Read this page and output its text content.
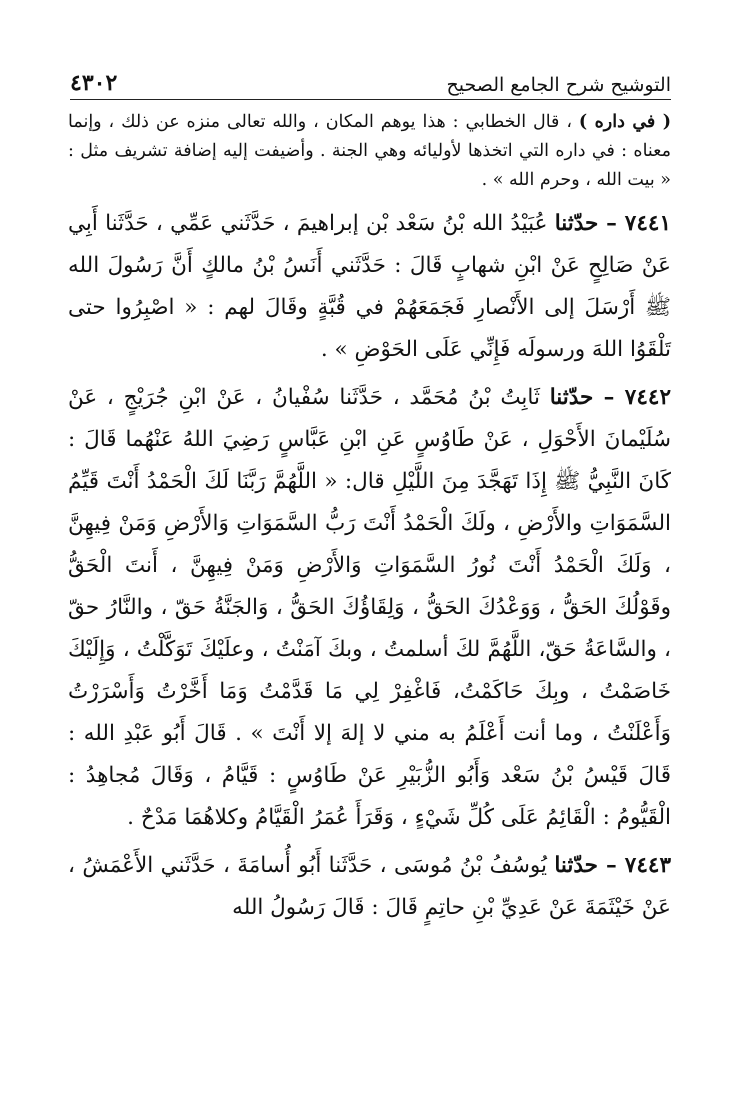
التوشيح شرح الجامع الصحيح
٤٣٠٢

( في داره ) ، قال الخطابي : هذا يوهم المكان ، والله تعالى منزه عن ذلك ، وإنما معناه : في داره التي اتخذها لأوليائه وهي الجنة . وأضيفت إليه إضافة تشريف مثل : « بيت الله ، وحرم الله » .

٧٤٤١ – حدّثنا عُبَيْدُ الله بْنُ سَعْد بْن إبراهيمَ ، حَدَّثَني عَمِّي ، حَدَّثَنا أَبِي عَنْ صَالِحٍ عَنْ ابْنِ شهابٍ قَالَ : حَدَّثَني أَنَسُ بْنُ مالكٍ أَنَّ رَسُولَ الله ﷺ أَرْسَلَ إلى الأَنْصارِ فَجَمَعَهُمْ في قُبَّةٍ وقَالَ لهم : « اصْبِرُوا حتى تَلْقَوُا اللهَ ورسولَه فَإِنِّي عَلَى الحَوْضِ » .

٧٤٤٢ – حدّثنا ثَابِتُ بْنُ مُحَمَّد ، حَدَّثَنا سُفْيانُ ، عَنْ ابْنِ جُرَيْجٍ ، عَنْ سُلَيْمانَ الأَحْوَلِ ، عَنْ طَاوُسٍ عَنِ ابْنِ عَبَّاسٍ رَضِيَ اللهُ عَنْهُما قَالَ : كَانَ النَّبِيُّ ﷺ إِذَا تَهَجَّدَ مِنَ اللَّيْلِ قال: « اللَّهُمَّ رَبَّنَا لَكَ الْحَمْدُ أَنْتَ قَيِّمُ السَّمَوَاتِ والأَرْضِ ، ولَكَ الْحَمْدُ أَنْتَ رَبُّ السَّمَوَاتِ وَالأَرْضِ وَمَنْ فِيهِنَّ ، وَلَكَ الْحَمْدُ أَنْتَ نُورُ السَّمَوَاتِ وَالأَرْضِ وَمَنْ فِيهِنَّ ، أَنتَ الْحَقُّ وقَوْلُكَ الحَقُّ ، وَوَعْدُكَ الحَقُّ ، وَلِقَاؤُكَ الحَقُّ ، وَالجَنَّةُ حَقّ ، والنَّارُ حقّ ، والسَّاعَةُ حَقّ، اللَّهُمَّ لكَ أسلمتُ ، وبكَ آمَنْتُ ، وعلَيْكَ تَوَكَّلْتُ ، وَإِلَيْكَ خَاصَمْتُ ، وبِكَ حَاكَمْتُ، فَاغْفِرْ لِي مَا قَدَّمْتُ وَمَا أَخَّرْتُ وَأَسْرَرْتُ وَأَعْلَنْتُ ، وما أنت أَعْلَمُ به مني لا إلهَ إلا أَنْتَ » . قَالَ أَبُو عَبْدِ الله : قَالَ قَيْسُ بْنُ سَعْد وَأَبُو الزُّبَيْرِ عَنْ طَاوُسٍ : قَيَّامُ ، وَقَالَ مُجاهِدُ : الْقَيُّومُ : الْقَائِمُ عَلَى كُلِّ شَيْءٍ ، وَقَرَأَ عُمَرُ الْقَيَّامُ وكلاهُمَا مَدْحٌ .

٧٤٤٣ – حدّثنا يُوسُفُ بْنُ مُوسَى ، حَدَّثَنا أَبُو أُسامَةَ ، حَدَّثَني الأَعْمَشُ ، عَنْ خَيْثَمَةَ عَنْ عَدِيِّ بْنِ حاتِمٍ قَالَ : قَالَ رَسُولُ الله
